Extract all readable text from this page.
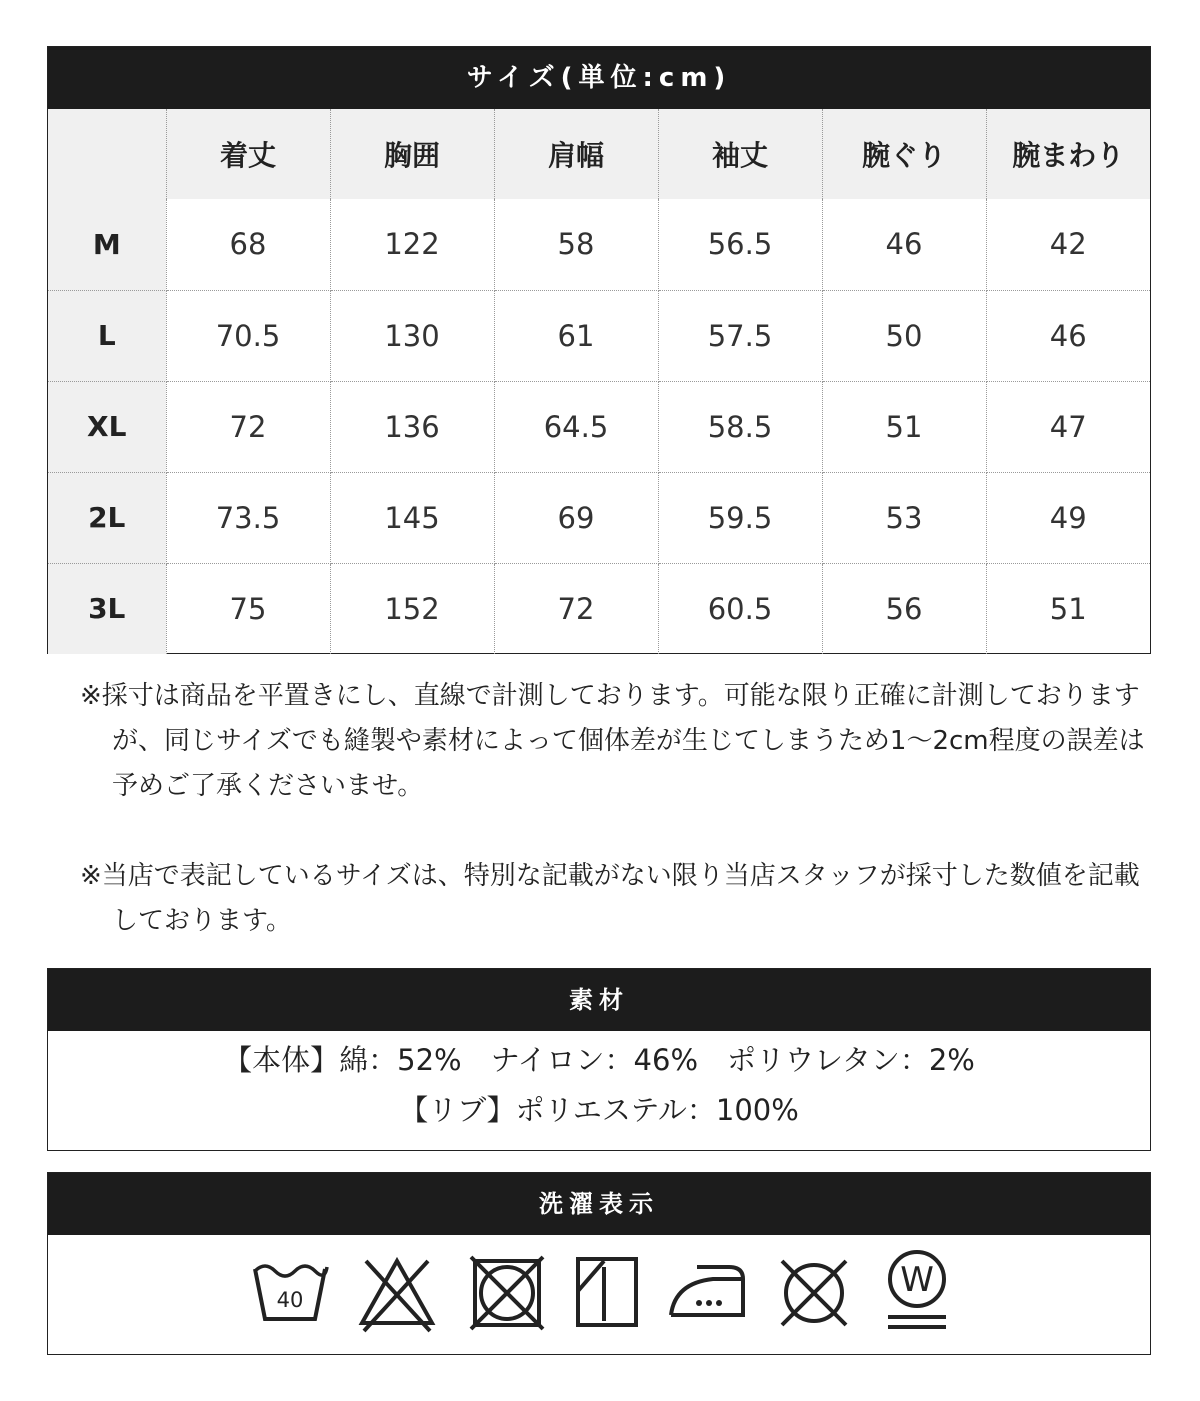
サイズ(単位:cm)
	着丈	胸囲	肩幅	袖丈	腕ぐり	腕まわり
M	68	122	58	56.5	46	42
L	70.5	130	61	57.5	50	46
XL	72	136	64.5	58.5	51	47
2L	73.5	145	69	59.5	53	49
3L	75	152	72	60.5	56	51

※採寸は商品を平置きにし、直線で計測しております。可能な限り正確に計測しておりますが、同じサイズでも縫製や素材によって個体差が生じてしまうため1〜2cm程度の誤差は予めご了承くださいませ。

※当店で表記しているサイズは、特別な記載がない限り当店スタッフが採寸した数値を記載しております。

素材
【本体】綿：52%　ナイロン：46%　ポリウレタン：2%
【リブ】ポリエステル：100%
洗濯表示
40	W
